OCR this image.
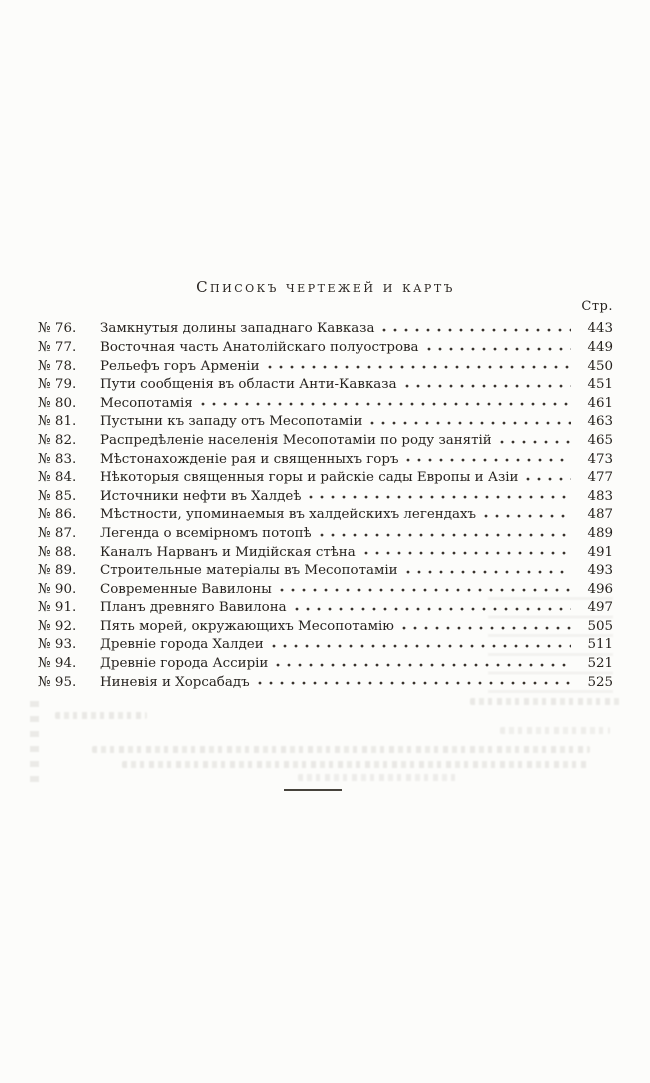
Списокъ чертежей и картъ
Стр.
№ 76.	Замкнутыя долины западнаго Кавказа	443
№ 77.	Восточная часть Анатолійскаго полуострова	449
№ 78.	Рельефъ горъ Арменіи	450
№ 79.	Пути сообщенія въ области Анти-Кавказа	451
№ 80.	Месопотамія	461
№ 81.	Пустыни къ западу отъ Месопотаміи	463
№ 82.	Распредѣленіе населенія Месопотаміи по роду занятій	465
№ 83.	Мѣстонахожденіе рая и священныхъ горъ	473
№ 84.	Нѣкоторыя священныя горы и райскіе сады Европы и Азіи	477
№ 85.	Источники нефти въ Халдеѣ	483
№ 86.	Мѣстности, упоминаемыя въ халдейскихъ легендахъ	487
№ 87.	Легенда о всемірномъ потопѣ	489
№ 88.	Каналъ Нарванъ и Мидійская стѣна	491
№ 89.	Строительные матеріалы въ Месопотаміи	493
№ 90.	Современные Вавилоны	496
№ 91.	Планъ древняго Вавилона	497
№ 92.	Пять морей, окружающихъ Месопотамію	505
№ 93.	Древніе города Халдеи	511
№ 94.	Древніе города Ассиріи	521
№ 95.	Ниневія и Хорсабадъ	525
